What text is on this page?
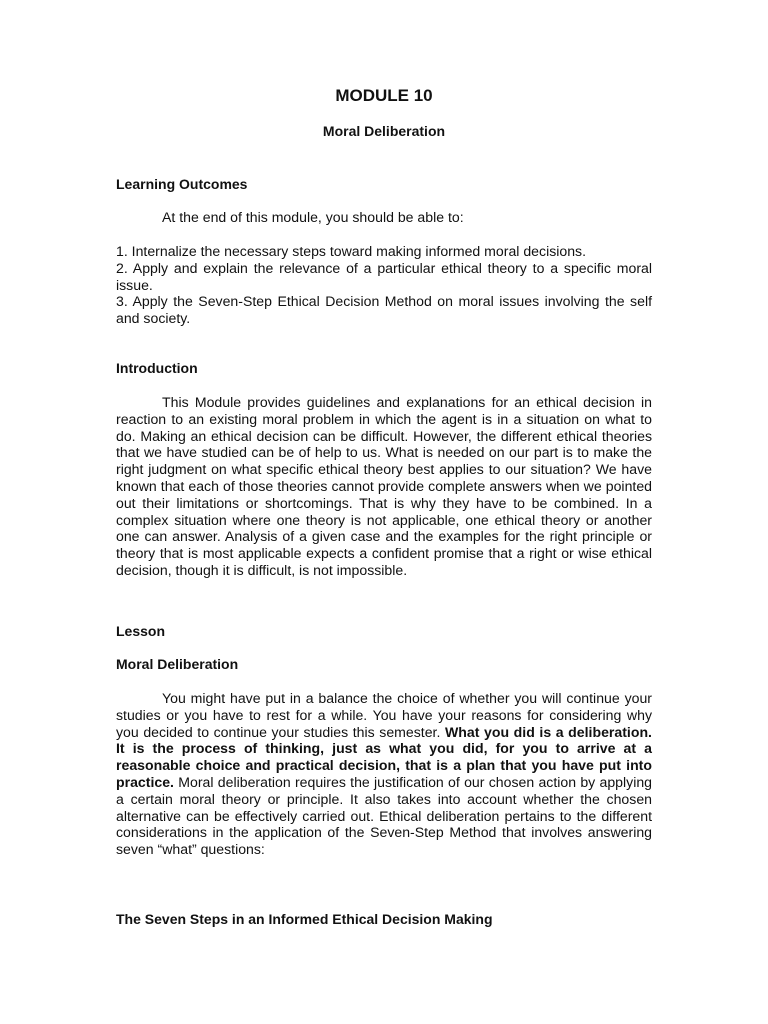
MODULE 10
Moral Deliberation
Learning Outcomes
At the end of this module, you should be able to:
1. Internalize the necessary steps toward making informed moral decisions.
2. Apply and explain the relevance of a particular ethical theory to a specific moral issue.
3. Apply the Seven-Step Ethical Decision Method on moral issues involving the self and society.
Introduction
This Module provides guidelines and explanations for an ethical decision in reaction to an existing moral problem in which the agent is in a situation on what to do. Making an ethical decision can be difficult. However, the different ethical theories that we have studied can be of help to us. What is needed on our part is to make the right judgment on what specific ethical theory best applies to our situation? We have known that each of those theories cannot provide complete answers when we pointed out their limitations or shortcomings. That is why they have to be combined. In a complex situation where one theory is not applicable, one ethical theory or another one can answer. Analysis of a given case and the examples for the right principle or theory that is most applicable expects a confident promise that a right or wise ethical decision, though it is difficult, is not impossible.
Lesson
Moral Deliberation
You might have put in a balance the choice of whether you will continue your studies or you have to rest for a while. You have your reasons for considering why you decided to continue your studies this semester. What you did is a deliberation. It is the process of thinking, just as what you did, for you to arrive at a reasonable choice and practical decision, that is a plan that you have put into practice. Moral deliberation requires the justification of our chosen action by applying a certain moral theory or principle. It also takes into account whether the chosen alternative can be effectively carried out. Ethical deliberation pertains to the different considerations in the application of the Seven-Step Method that involves answering seven “what” questions:
The Seven Steps in an Informed Ethical Decision Making
